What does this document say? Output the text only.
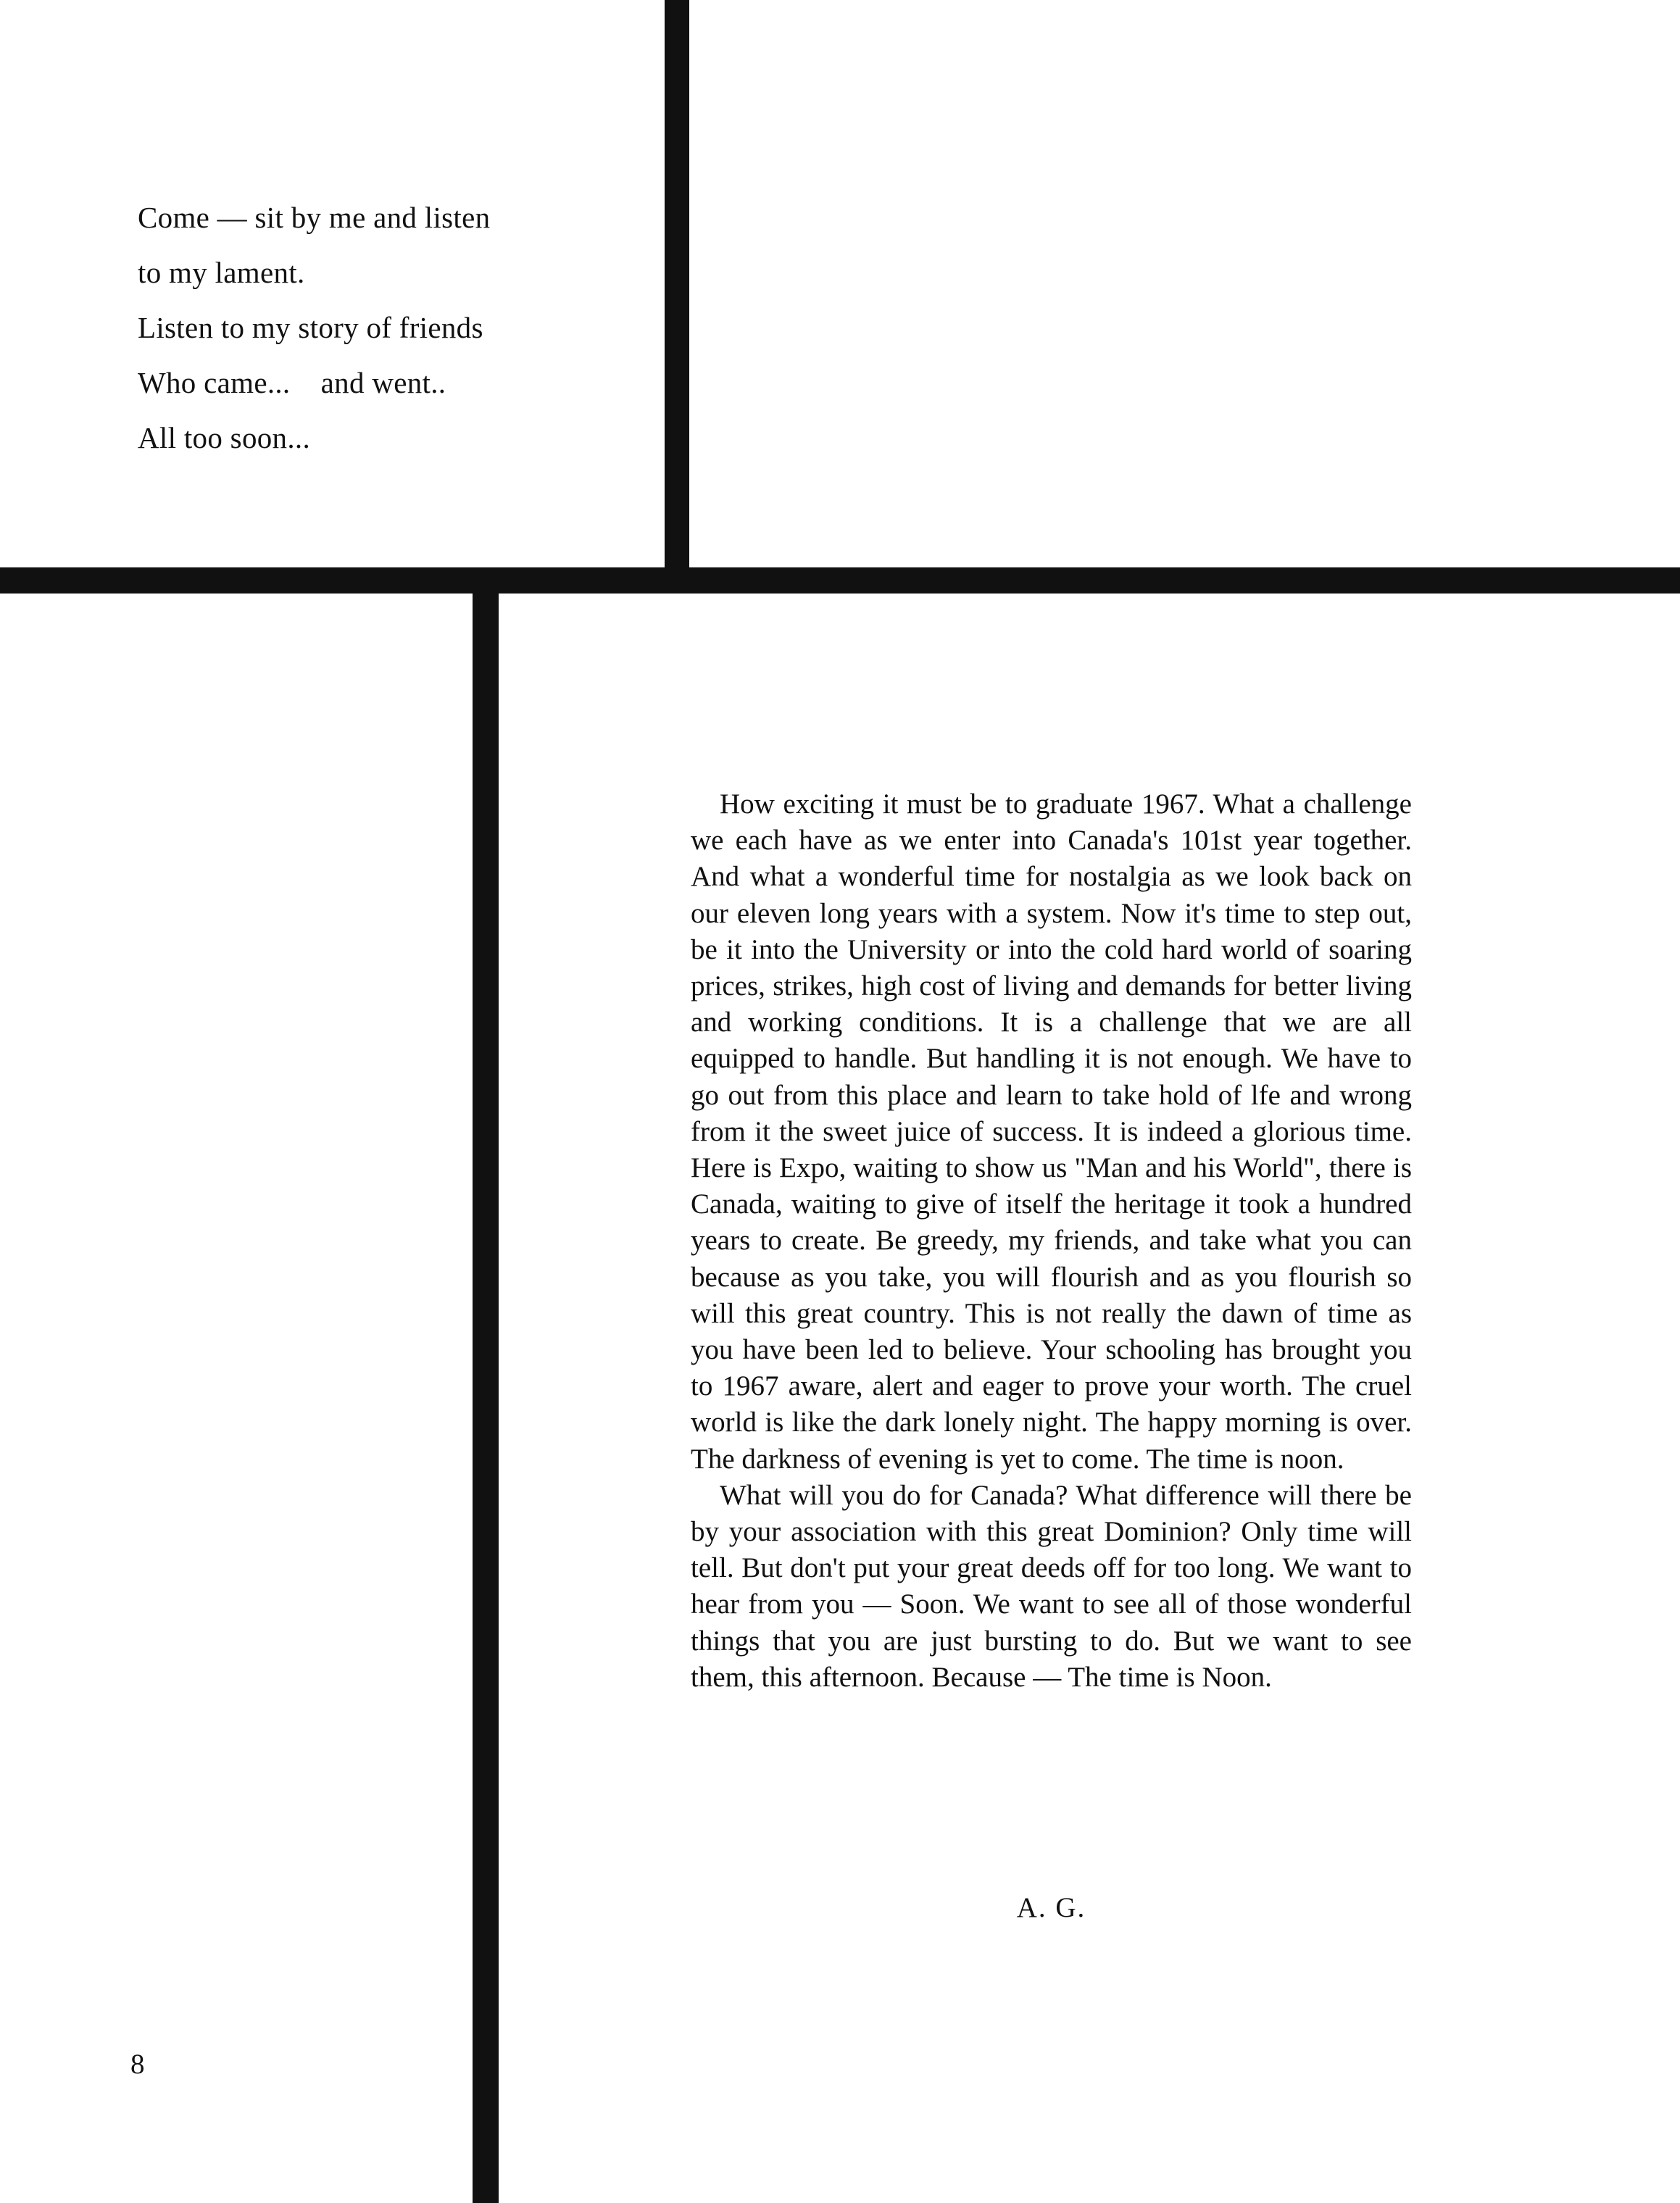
Come — sit by me and listen
to my lament.
Listen to my story of friends
Who came...    and went..
All too soon...

How exciting it must be to graduate 1967. What a challenge we each have as we enter into Canada's 101st year together. And what a wonderful time for nostalgia as we look back on our eleven long years with a system. Now it's time to step out, be it into the University or into the cold hard world of soaring prices, strikes, high cost of living and demands for better living and working conditions. It is a challenge that we are all equipped to handle. But handling it is not enough. We have to go out from this place and learn to take hold of lfe and wrong from it the sweet juice of success. It is indeed a glorious time. Here is Expo, waiting to show us "Man and his World", there is Canada, waiting to give of itself the heritage it took a hundred years to create. Be greedy, my friends, and take what you can because as you take, you will flourish and as you flourish so will this great country. This is not really the dawn of time as you have been led to believe. Your schooling has brought you to 1967 aware, alert and eager to prove your worth. The cruel world is like the dark lonely night. The happy morning is over. The darkness of evening is yet to come. The time is noon.

What will you do for Canada? What difference will there be by your association with this great Dominion? Only time will tell. But don't put your great deeds off for too long. We want to hear from you — Soon. We want to see all of those wonderful things that you are just bursting to do. But we want to see them, this afternoon. Because — The time is Noon.

A. G.
8
